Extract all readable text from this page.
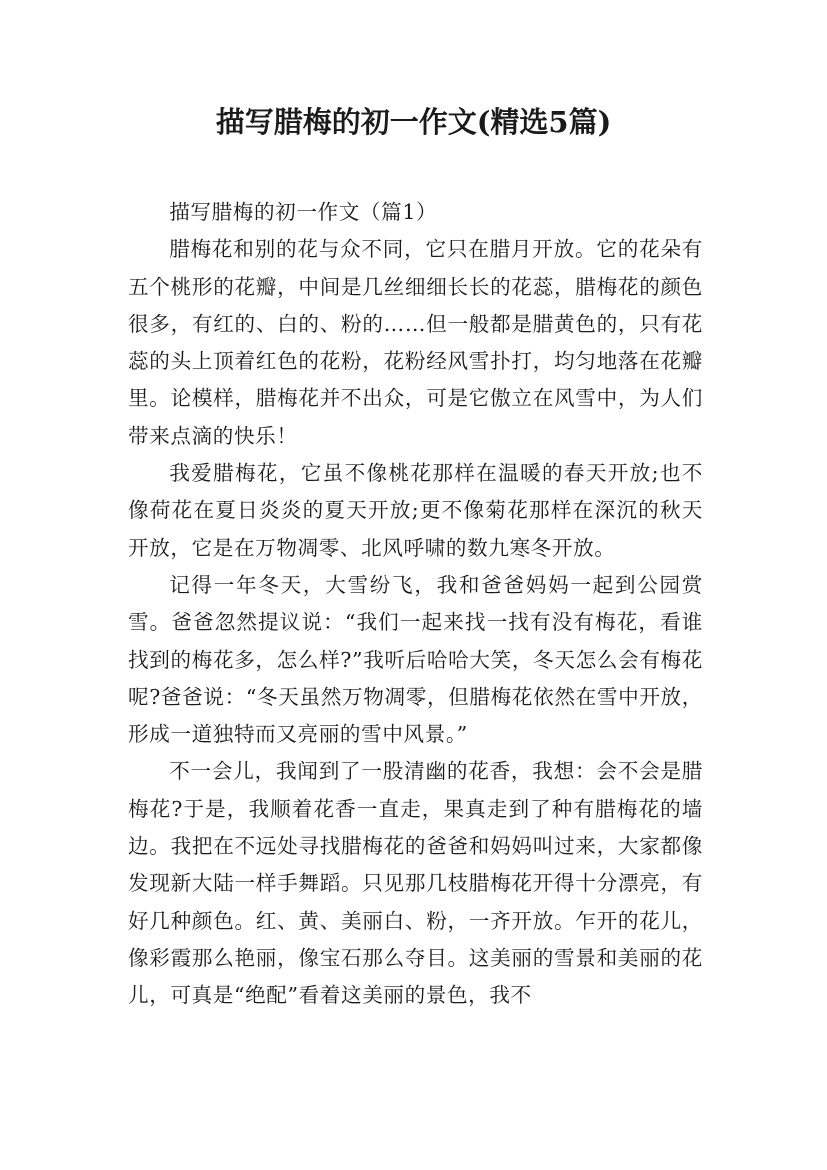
描写腊梅的初一作文(精选5篇)

描写腊梅的初一作文（篇1）

腊梅花和别的花与众不同，它只在腊月开放。它的花朵有五个桃形的花瓣，中间是几丝细细长长的花蕊，腊梅花的颜色很多，有红的、白的、粉的……但一般都是腊黄色的，只有花蕊的头上顶着红色的花粉，花粉经风雪扑打，均匀地落在花瓣里。论模样，腊梅花并不出众，可是它傲立在风雪中，为人们带来点滴的快乐！

我爱腊梅花，它虽不像桃花那样在温暖的春天开放;也不像荷花在夏日炎炎的夏天开放;更不像菊花那样在深沉的秋天开放，它是在万物凋零、北风呼啸的数九寒冬开放。

记得一年冬天，大雪纷飞，我和爸爸妈妈一起到公园赏雪。爸爸忽然提议说：“我们一起来找一找有没有梅花，看谁找到的梅花多，怎么样?”我听后哈哈大笑，冬天怎么会有梅花呢?爸爸说：“冬天虽然万物凋零，但腊梅花依然在雪中开放，形成一道独特而又亮丽的雪中风景。”

不一会儿，我闻到了一股清幽的花香，我想：会不会是腊梅花?于是，我顺着花香一直走，果真走到了种有腊梅花的墙边。我把在不远处寻找腊梅花的爸爸和妈妈叫过来，大家都像发现新大陆一样手舞蹈。只见那几枝腊梅花开得十分漂亮，有好几种颜色。红、黄、美丽白、粉，一齐开放。乍开的花儿，像彩霞那么艳丽，像宝石那么夺目。这美丽的雪景和美丽的花儿，可真是“绝配”看着这美丽的景色，我不
